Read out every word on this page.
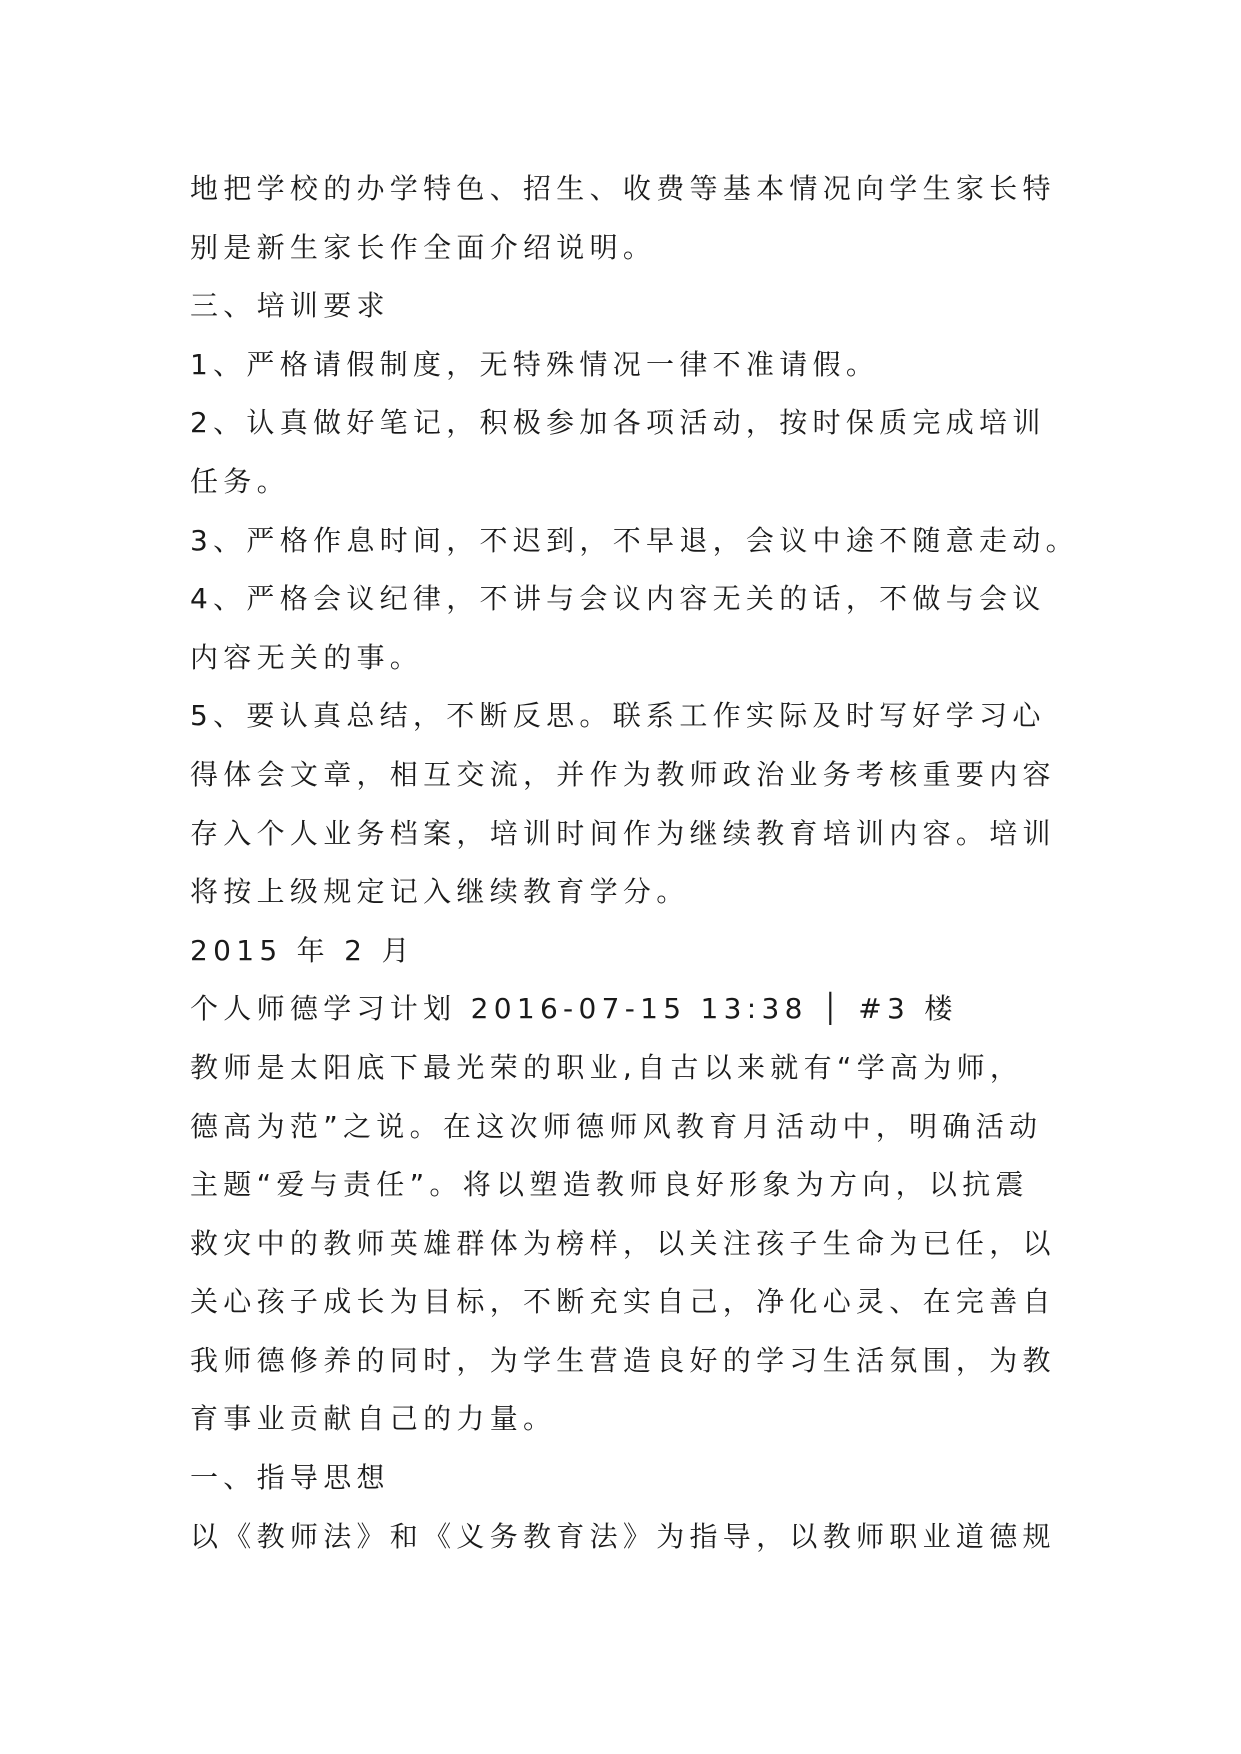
地把学校的办学特色、招生、收费等基本情况向学生家长特
别是新生家长作全面介绍说明。
三、培训要求
1、严格请假制度，无特殊情况一律不准请假。
2、认真做好笔记，积极参加各项活动，按时保质完成培训
任务。
3、严格作息时间，不迟到，不早退，会议中途不随意走动。
4、严格会议纪律，不讲与会议内容无关的话，不做与会议
内容无关的事。
5、要认真总结，不断反思。联系工作实际及时写好学习心
得体会文章，相互交流，并作为教师政治业务考核重要内容
存入个人业务档案，培训时间作为继续教育培训内容。培训
将按上级规定记入继续教育学分。
2015 年 2 月
个人师德学习计划 2016-07-15 13:38 │ #3 楼
教师是太阳底下最光荣的职业,自古以来就有“学高为师，
德高为范”之说。在这次师德师风教育月活动中，明确活动
主题“爱与责任”。将以塑造教师良好形象为方向，以抗震
救灾中的教师英雄群体为榜样，以关注孩子生命为已任，以
关心孩子成长为目标，不断充实自己，净化心灵、在完善自
我师德修养的同时，为学生营造良好的学习生活氛围，为教
育事业贡献自己的力量。
一、指导思想
以《教师法》和《义务教育法》为指导，以教师职业道德规
